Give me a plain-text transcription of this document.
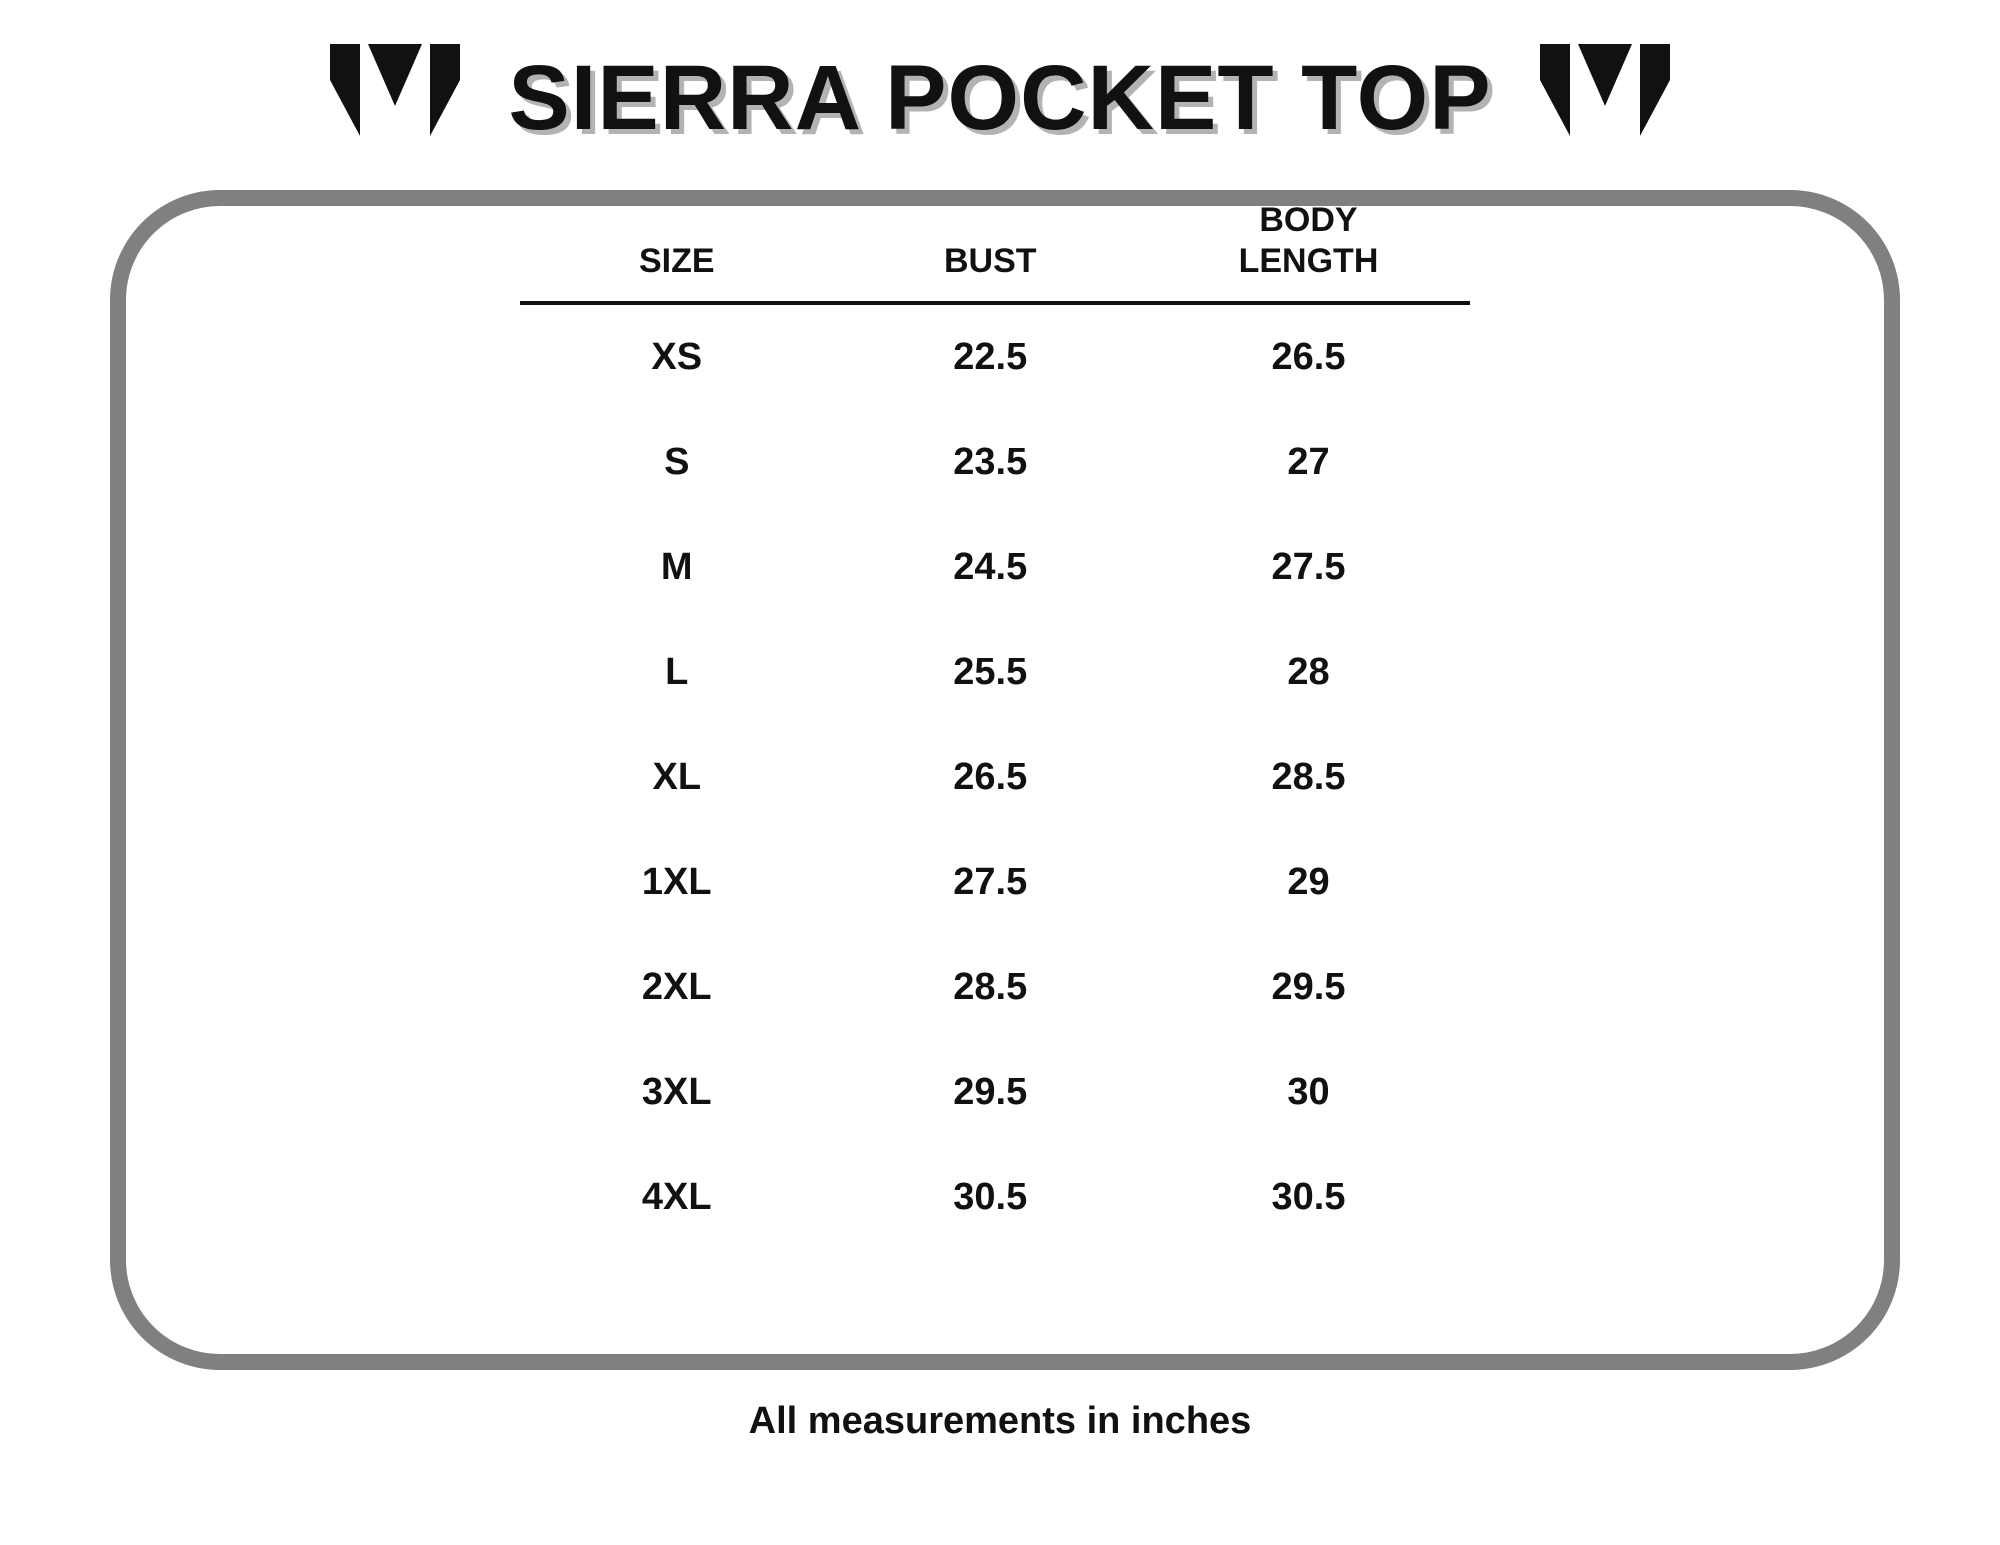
SIERRA POCKET TOP
SIZE	BUST	BODY
LENGTH
XS	22.5	26.5
S	23.5	27
M	24.5	27.5
L	25.5	28
XL	26.5	28.5
1XL	27.5	29
2XL	28.5	29.5
3XL	29.5	30
4XL	30.5	30.5
All measurements in inches
